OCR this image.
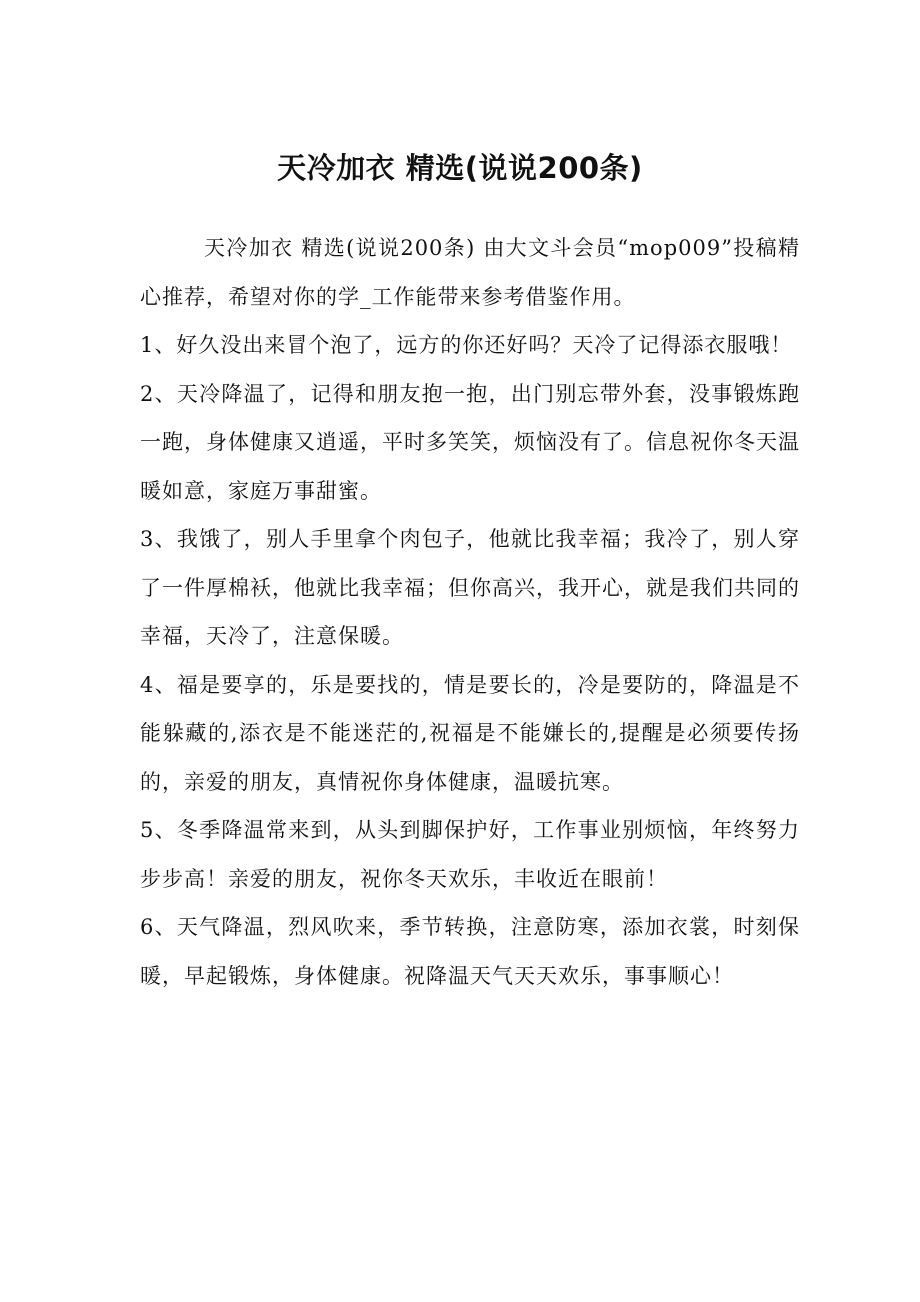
天冷加衣 精选(说说200条)

天冷加衣 精选(说说200条) 由大文斗会员“mop009”投稿精心推荐，希望对你的学_工作能带来参考借鉴作用。

1、好久没出来冒个泡了，远方的你还好吗？天冷了记得添衣服哦！

2、天冷降温了，记得和朋友抱一抱，出门别忘带外套，没事锻炼跑一跑，身体健康又逍遥，平时多笑笑，烦恼没有了。信息祝你冬天温暖如意，家庭万事甜蜜。

3、我饿了，别人手里拿个肉包子，他就比我幸福；我冷了，别人穿了一件厚棉袄，他就比我幸福；但你高兴，我开心，就是我们共同的幸福，天冷了，注意保暖。

4、福是要享的，乐是要找的，情是要长的，冷是要防的，降温是不能躲藏的,添衣是不能迷茫的,祝福是不能嫌长的,提醒是必须要传扬的，亲爱的朋友，真情祝你身体健康，温暖抗寒。

5、冬季降温常来到，从头到脚保护好，工作事业别烦恼，年终努力步步高！亲爱的朋友，祝你冬天欢乐，丰收近在眼前！

6、天气降温，烈风吹来，季节转换，注意防寒，添加衣裳，时刻保暖，早起锻炼，身体健康。祝降温天气天天欢乐，事事顺心！
